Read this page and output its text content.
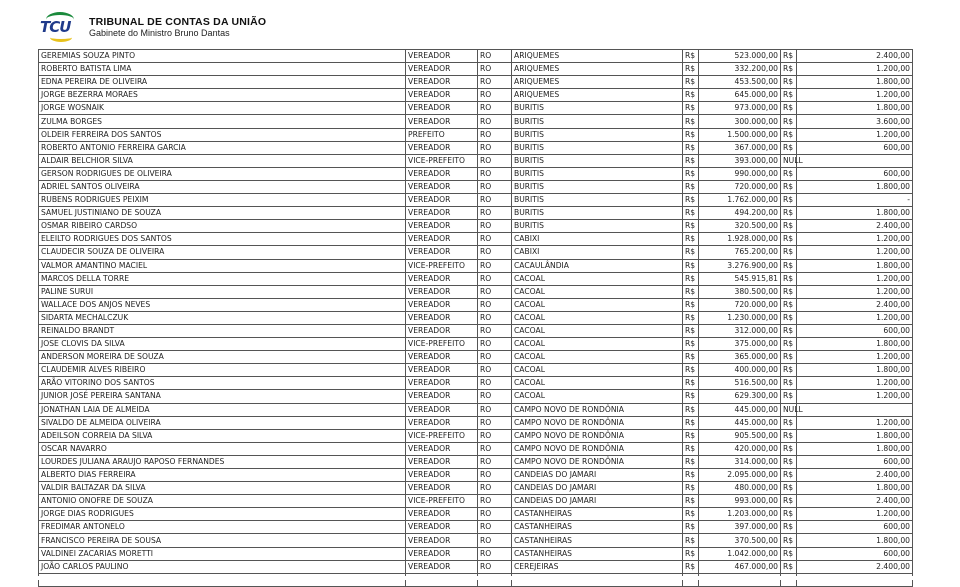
TCU TRIBUNAL DE CONTAS DA UNIÃO
Gabinete do Ministro Bruno Dantas
GEREMIAS SOUZA PINTO	VEREADOR	RO	ARIQUEMES	R$	523.000,00	R$	2.400,00
ROBERTO BATISTA LIMA	VEREADOR	RO	ARIQUEMES	R$	332.200,00	R$	1.200,00
EDNA PEREIRA DE OLIVEIRA	VEREADOR	RO	ARIQUEMES	R$	453.500,00	R$	1.800,00
JORGE BEZERRA MORAES	VEREADOR	RO	ARIQUEMES	R$	645.000,00	R$	1.200,00
JORGE WOSNAIK	VEREADOR	RO	BURITIS	R$	973.000,00	R$	1.800,00
ZULMA BORGES	VEREADOR	RO	BURITIS	R$	300.000,00	R$	3.600,00
OLDEIR FERREIRA DOS SANTOS	PREFEITO	RO	BURITIS	R$	1.500.000,00	R$	1.200,00
ROBERTO ANTONIO FERREIRA GARCIA	VEREADOR	RO	BURITIS	R$	367.000,00	R$	600,00
ALDAIR BELCHIOR SILVA	VICE-PREFEITO	RO	BURITIS	R$	393.000,00	NULL	
GERSON RODRIGUES DE OLIVEIRA	VEREADOR	RO	BURITIS	R$	990.000,00	R$	600,00
ADRIEL SANTOS OLIVEIRA	VEREADOR	RO	BURITIS	R$	720.000,00	R$	1.800,00
RUBENS RODRIGUES PEIXIM	VEREADOR	RO	BURITIS	R$	1.762.000,00	R$	-
SAMUEL JUSTINIANO DE SOUZA	VEREADOR	RO	BURITIS	R$	494.200,00	R$	1.800,00
OSMAR RIBEIRO CARDSO	VEREADOR	RO	BURITIS	R$	320.500,00	R$	2.400,00
ELEILTO RODRIGUES DOS SANTOS	VEREADOR	RO	CABIXI	R$	1.928.000,00	R$	1.200,00
CLAUDECIR SOUZA DE OLIVEIRA	VEREADOR	RO	CABIXI	R$	765.200,00	R$	1.200,00
VALMOR AMANTINO MACIEL	VICE-PREFEITO	RO	CACAULÂNDIA	R$	3.276.900,00	R$	1.800,00
MARCOS DELLA TORRE	VEREADOR	RO	CACOAL	R$	545.915,81	R$	1.200,00
PALINE SURUI	VEREADOR	RO	CACOAL	R$	380.500,00	R$	1.200,00
WALLACE DOS ANJOS NEVES	VEREADOR	RO	CACOAL	R$	720.000,00	R$	2.400,00
SIDARTA MECHALCZUK	VEREADOR	RO	CACOAL	R$	1.230.000,00	R$	1.200,00
REINALDO BRANDT	VEREADOR	RO	CACOAL	R$	312.000,00	R$	600,00
JOSE CLOVIS DA SILVA	VICE-PREFEITO	RO	CACOAL	R$	375.000,00	R$	1.800,00
ANDERSON MOREIRA DE SOUZA	VEREADOR	RO	CACOAL	R$	365.000,00	R$	1.200,00
CLAUDEMIR ALVES RIBEIRO	VEREADOR	RO	CACOAL	R$	400.000,00	R$	1.800,00
ARÃO VITORINO DOS SANTOS	VEREADOR	RO	CACOAL	R$	516.500,00	R$	1.200,00
JUNIOR JOSÉ PEREIRA SANTANA	VEREADOR	RO	CACOAL	R$	629.300,00	R$	1.200,00
JONATHAN LAIA DE ALMEIDA	VEREADOR	RO	CAMPO NOVO DE RONDÔNIA	R$	445.000,00	NULL	
SIVALDO DE ALMEIDA OLIVEIRA	VEREADOR	RO	CAMPO NOVO DE RONDÔNIA	R$	445.000,00	R$	1.200,00
ADEILSON CORREIA DA SILVA	VICE-PREFEITO	RO	CAMPO NOVO DE RONDÔNIA	R$	905.500,00	R$	1.800,00
OSCAR NAVARRO	VEREADOR	RO	CAMPO NOVO DE RONDÔNIA	R$	420.000,00	R$	1.800,00
LOURDES JULIANA ARAUJO RAPOSO FERNANDES	VEREADOR	RO	CAMPO NOVO DE RONDÔNIA	R$	314.000,00	R$	600,00
ALBERTO DIAS FERREIRA	VEREADOR	RO	CANDEIAS DO JAMARI	R$	2.095.000,00	R$	2.400,00
VALDIR BALTAZAR DA SILVA	VEREADOR	RO	CANDEIAS DO JAMARI	R$	480.000,00	R$	1.800,00
ANTONIO ONOFRE DE SOUZA	VICE-PREFEITO	RO	CANDEIAS DO JAMARI	R$	993.000,00	R$	2.400,00
JORGE DIAS RODRIGUES	VEREADOR	RO	CASTANHEIRAS	R$	1.203.000,00	R$	1.200,00
FREDIMAR ANTONELO	VEREADOR	RO	CASTANHEIRAS	R$	397.000,00	R$	600,00
FRANCISCO PEREIRA DE SOUSA	VEREADOR	RO	CASTANHEIRAS	R$	370.500,00	R$	1.800,00
VALDINEI ZACARIAS MORETTI	VEREADOR	RO	CASTANHEIRAS	R$	1.042.000,00	R$	600,00
JOÃO CARLOS PAULINO	VEREADOR	RO	CEREJEIRAS	R$	467.000,00	R$	2.400,00
